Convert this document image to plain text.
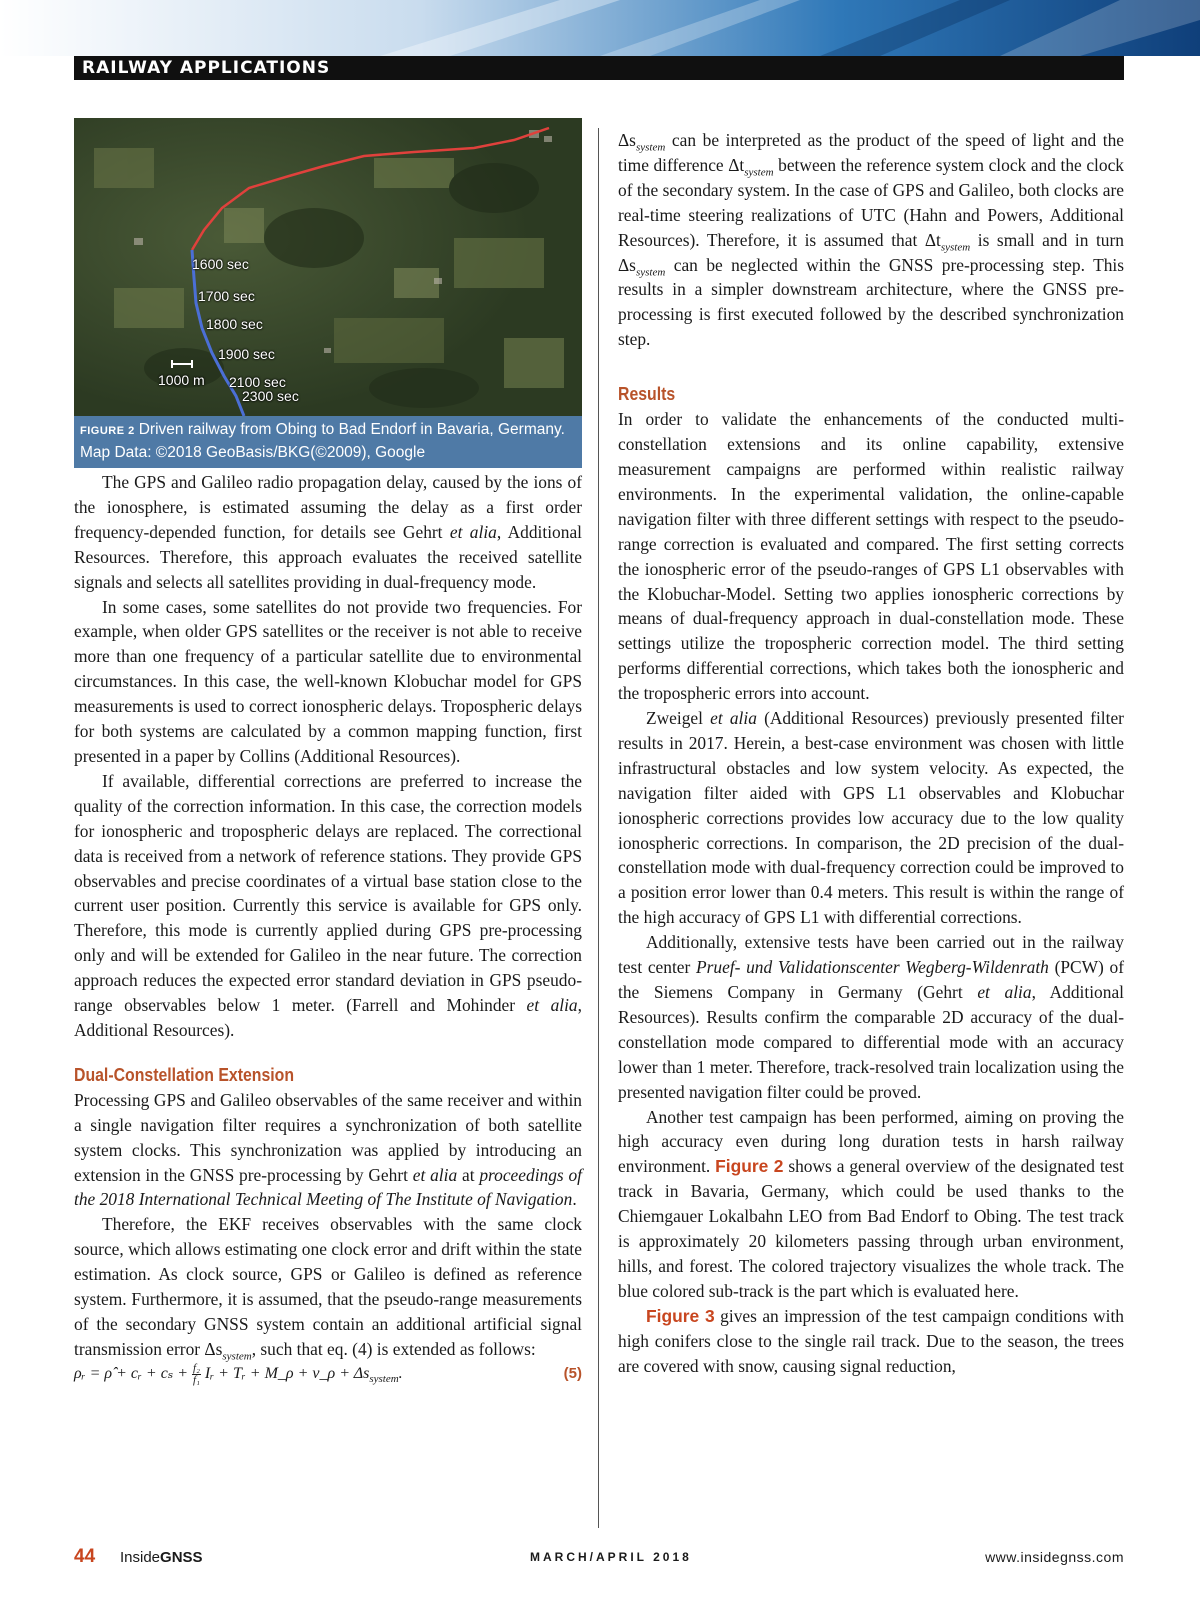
RAILWAY APPLICATIONS
1600 sec
1700 sec
1800 sec
1900 sec
1000 m 2100 sec
2300 sec
FIGURE 2 Driven railway from Obing to Bad Endorf in Bavaria, Germany. Map Data: ©2018 GeoBasis/BKG(©2009), Google

The GPS and Galileo radio propagation delay, caused by the ions of the ionosphere, is estimated assuming the delay as a first order frequency-depended function, for details see Gehrt et alia, Additional Resources. Therefore, this approach evaluates the received satellite signals and selects all satellites providing in dual-frequency mode.

In some cases, some satellites do not provide two frequencies. For example, when older GPS satellites or the receiver is not able to receive more than one frequency of a particular satellite due to environmental circumstances. In this case, the well-known Klobuchar model for GPS measurements is used to correct ionospheric delays. Tropospheric delays for both systems are calculated by a common mapping function, first presented in a paper by Collins (Additional Resources).

If available, differential corrections are preferred to increase the quality of the correction information. In this case, the correction models for ionospheric and tropospheric delays are replaced. The correctional data is received from a network of reference stations. They provide GPS observables and precise coordinates of a virtual base station close to the current user position. Currently this service is available for GPS only. Therefore, this mode is currently applied during GPS pre-processing only and will be extended for Galileo in the near future. The correction approach reduces the expected error standard deviation in GPS pseudo-range observables below 1 meter. (Farrell and Mohinder et alia, Additional Resources).

Dual-Constellation Extension

Processing GPS and Galileo observables of the same receiver and within a single navigation filter requires a synchronization of both satellite system clocks. This synchronization was applied by introducing an extension in the GNSS pre-processing by Gehrt et alia at proceedings of the 2018 International Technical Meeting of The Institute of Navigation.

Therefore, the EKF receives observables with the same clock source, which allows estimating one clock error and drift within the state estimation. As clock source, GPS or Galileo is defined as reference system. Furthermore, it is assumed, that the pseudo-range measurements of the secondary GNSS system contain an additional artificial signal transmission error $\Delta s_{system}$, such that eq. (4) is extended as follows:

ρᵣ = ρ̂ + cᵣ + $c_s + \frac{\text{f₂}}{\text{f₁}}$ Iᵣ + Tᵣ + M_ρ + ν_ρ + $\Delta s_{system}$.	(5)

$\Delta s_{system}$ can be interpreted as the product of the speed of light and the time difference $\Delta t_{system}$ between the reference system clock and the clock of the secondary system. In the case of GPS and Galileo, both clocks are real-time steering realizations of UTC (Hahn and Powers, Additional Resources). Therefore, it is assumed that $\Delta t_{system}$ is small and in turn $\Delta s_{system}$ can be neglected within the GNSS pre-processing step. This results in a simpler downstream architecture, where the GNSS pre-processing is first executed followed by the described synchronization step.

Results

In order to validate the enhancements of the conducted multi-constellation extensions and its online capability, extensive measurement campaigns are performed within realistic railway environments. In the experimental validation, the online-capable navigation filter with three different settings with respect to the pseudo-range correction is evaluated and compared. The first setting corrects the ionospheric error of the pseudo-ranges of GPS L1 observables with the Klobuchar-Model. Setting two applies ionospheric corrections by means of dual-frequency approach in dual-constellation mode. These settings utilize the tropospheric correction model. The third setting performs differential corrections, which takes both the ionospheric and the tropospheric errors into account.

Zweigel et alia (Additional Resources) previously presented filter results in 2017. Herein, a best-case environment was chosen with little infrastructural obstacles and low system velocity. As expected, the navigation filter aided with GPS L1 observables and Klobuchar ionospheric corrections provides low accuracy due to the low quality ionospheric corrections. In comparison, the 2D precision of the dual-constellation mode with dual-frequency correction could be improved to a position error lower than 0.4 meters. This result is within the range of the high accuracy of GPS L1 with differential corrections.

Additionally, extensive tests have been carried out in the railway test center Pruef- und Validationscenter Wegberg-Wildenrath (PCW) of the Siemens Company in Germany (Gehrt et alia, Additional Resources). Results confirm the comparable 2D accuracy of the dual-constellation mode compared to differential mode with an accuracy lower than 1 meter. Therefore, track-resolved train localization using the presented navigation filter could be proved.

Another test campaign has been performed, aiming on proving the high accuracy even during long duration tests in harsh railway environment. Figure 2 shows a general overview of the designated test track in Bavaria, Germany, which could be used thanks to the Chiemgauer Lokalbahn LEO from Bad Endorf to Obing. The test track is approximately 20 kilometers passing through urban environment, hills, and forest. The colored trajectory visualizes the whole track. The blue colored sub-track is the part which is evaluated here.

Figure 3 gives an impression of the test campaign conditions with high conifers close to the single rail track. Due to the season, the trees are covered with snow, causing signal reduction,

44 InsideGNSS	MARCH/APRIL 2018	www.insidegnss.com
